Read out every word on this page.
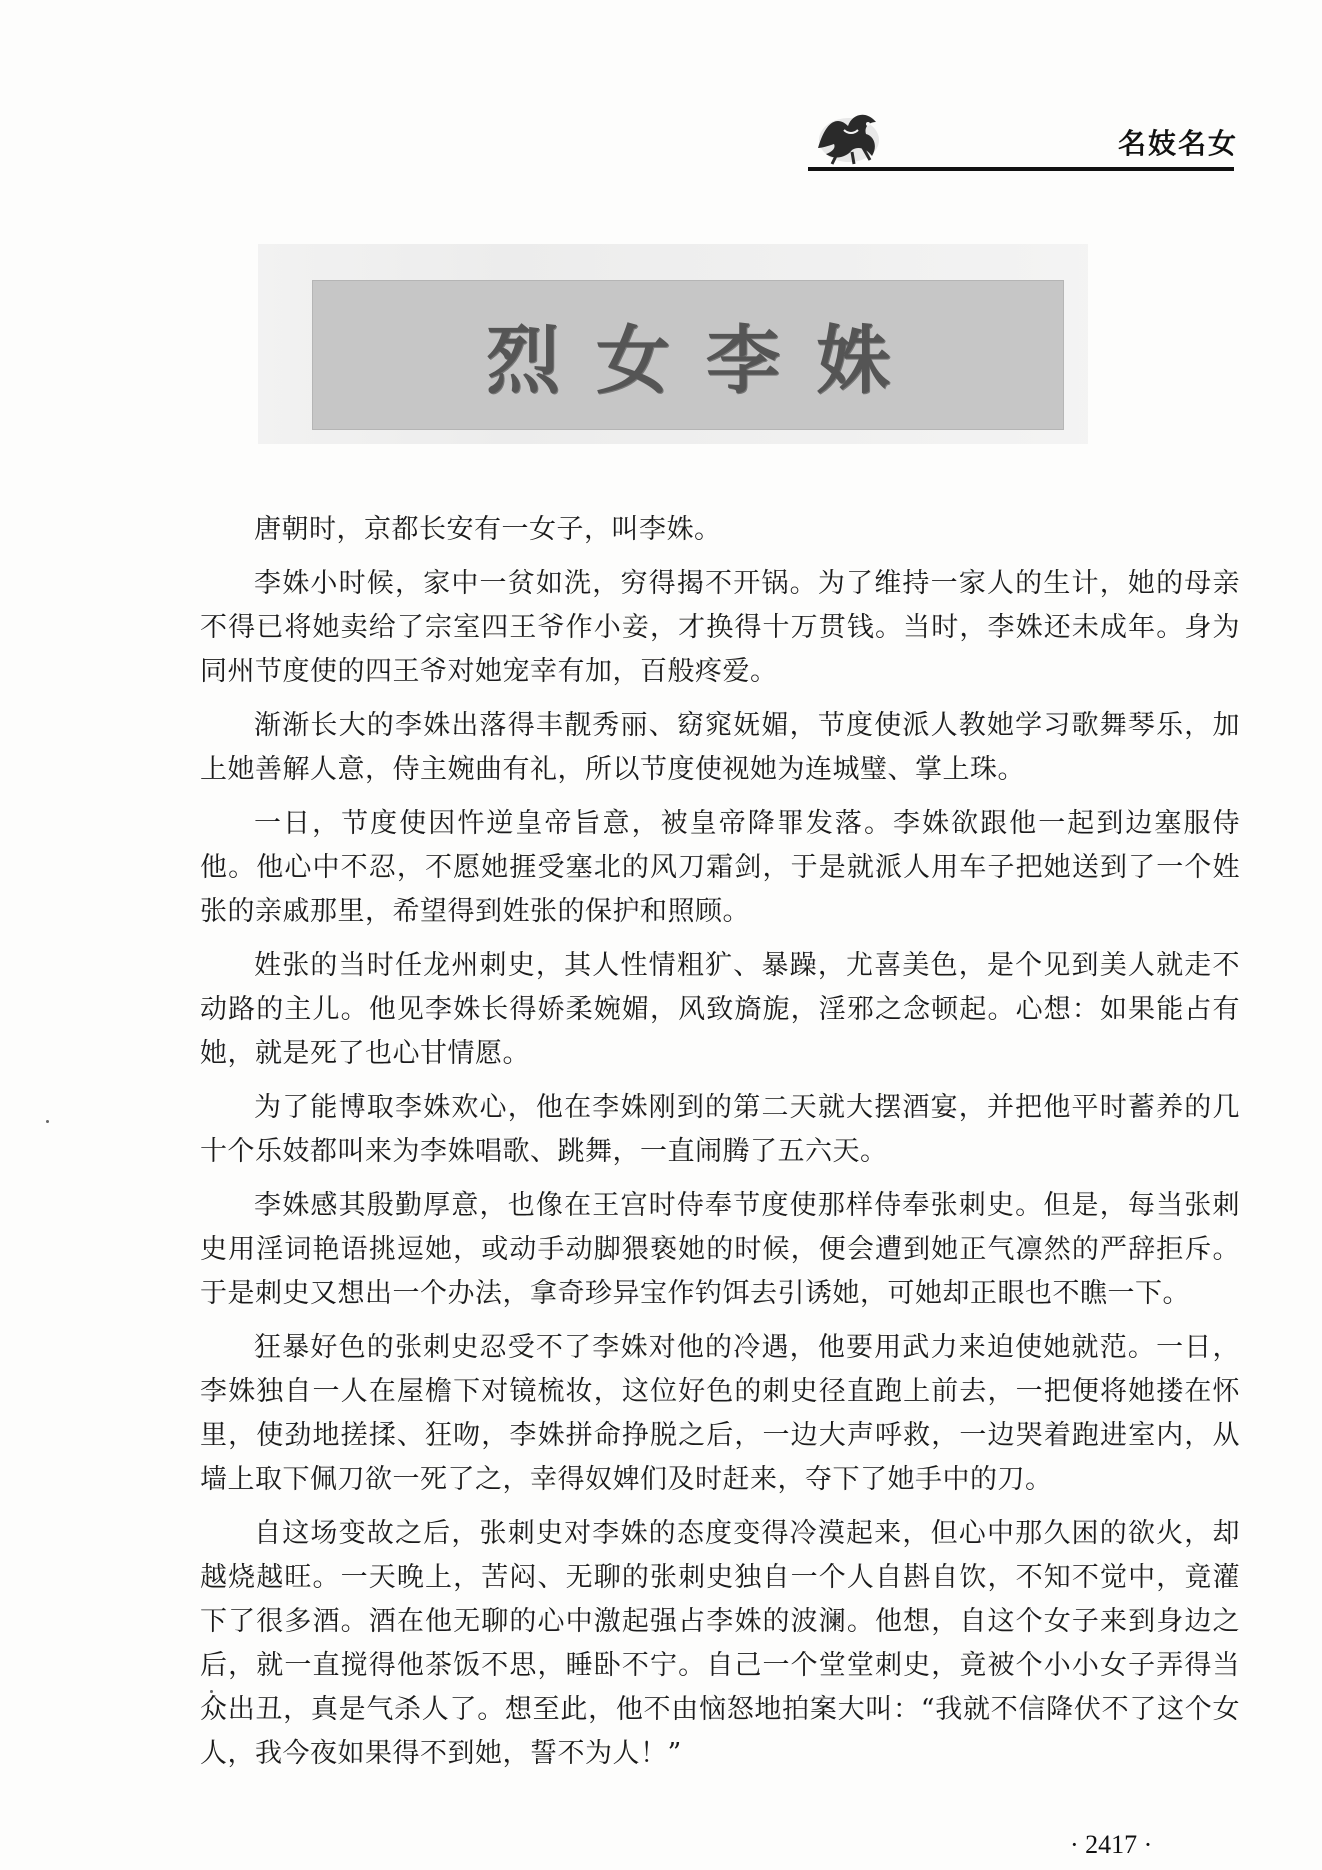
名妓名女
烈女李姝

唐朝时，京都长安有一女子，叫李姝。

李姝小时候，家中一贫如洗，穷得揭不开锅。为了维持一家人的生计，她的母亲不得已将她卖给了宗室四王爷作小妾，才换得十万贯钱。当时，李姝还未成年。身为同州节度使的四王爷对她宠幸有加，百般疼爱。

渐渐长大的李姝出落得丰靓秀丽、窈窕妩媚，节度使派人教她学习歌舞琴乐，加上她善解人意，侍主婉曲有礼，所以节度使视她为连城璧、掌上珠。

一日，节度使因忤逆皇帝旨意，被皇帝降罪发落。李姝欲跟他一起到边塞服侍他。他心中不忍，不愿她捱受塞北的风刀霜剑，于是就派人用车子把她送到了一个姓张的亲戚那里，希望得到姓张的保护和照顾。

姓张的当时任龙州刺史，其人性情粗犷、暴躁，尤喜美色，是个见到美人就走不动路的主儿。他见李姝长得娇柔婉媚，风致旖旎，淫邪之念顿起。心想：如果能占有她，就是死了也心甘情愿。

为了能博取李姝欢心，他在李姝刚到的第二天就大摆酒宴，并把他平时蓄养的几十个乐妓都叫来为李姝唱歌、跳舞，一直闹腾了五六天。

李姝感其殷勤厚意，也像在王宫时侍奉节度使那样侍奉张刺史。但是，每当张刺史用淫词艳语挑逗她，或动手动脚猥亵她的时候，便会遭到她正气凛然的严辞拒斥。于是刺史又想出一个办法，拿奇珍异宝作钓饵去引诱她，可她却正眼也不瞧一下。

狂暴好色的张刺史忍受不了李姝对他的冷遇，他要用武力来迫使她就范。一日，李姝独自一人在屋檐下对镜梳妆，这位好色的刺史径直跑上前去，一把便将她搂在怀里，使劲地搓揉、狂吻，李姝拼命挣脱之后，一边大声呼救，一边哭着跑进室内，从墙上取下佩刀欲一死了之，幸得奴婢们及时赶来，夺下了她手中的刀。

自这场变故之后，张刺史对李姝的态度变得冷漠起来，但心中那久困的欲火，却越烧越旺。一天晚上，苦闷、无聊的张刺史独自一个人自斟自饮，不知不觉中，竟灌下了很多酒。酒在他无聊的心中激起强占李姝的波澜。他想，自这个女子来到身边之后，就一直搅得他茶饭不思，睡卧不宁。自己一个堂堂刺史，竟被个小小女子弄得当众出丑，真是气杀人了。想至此，他不由恼怒地拍案大叫：“我就不信降伏不了这个女人，我今夜如果得不到她，誓不为人！”

· 2417 ·
